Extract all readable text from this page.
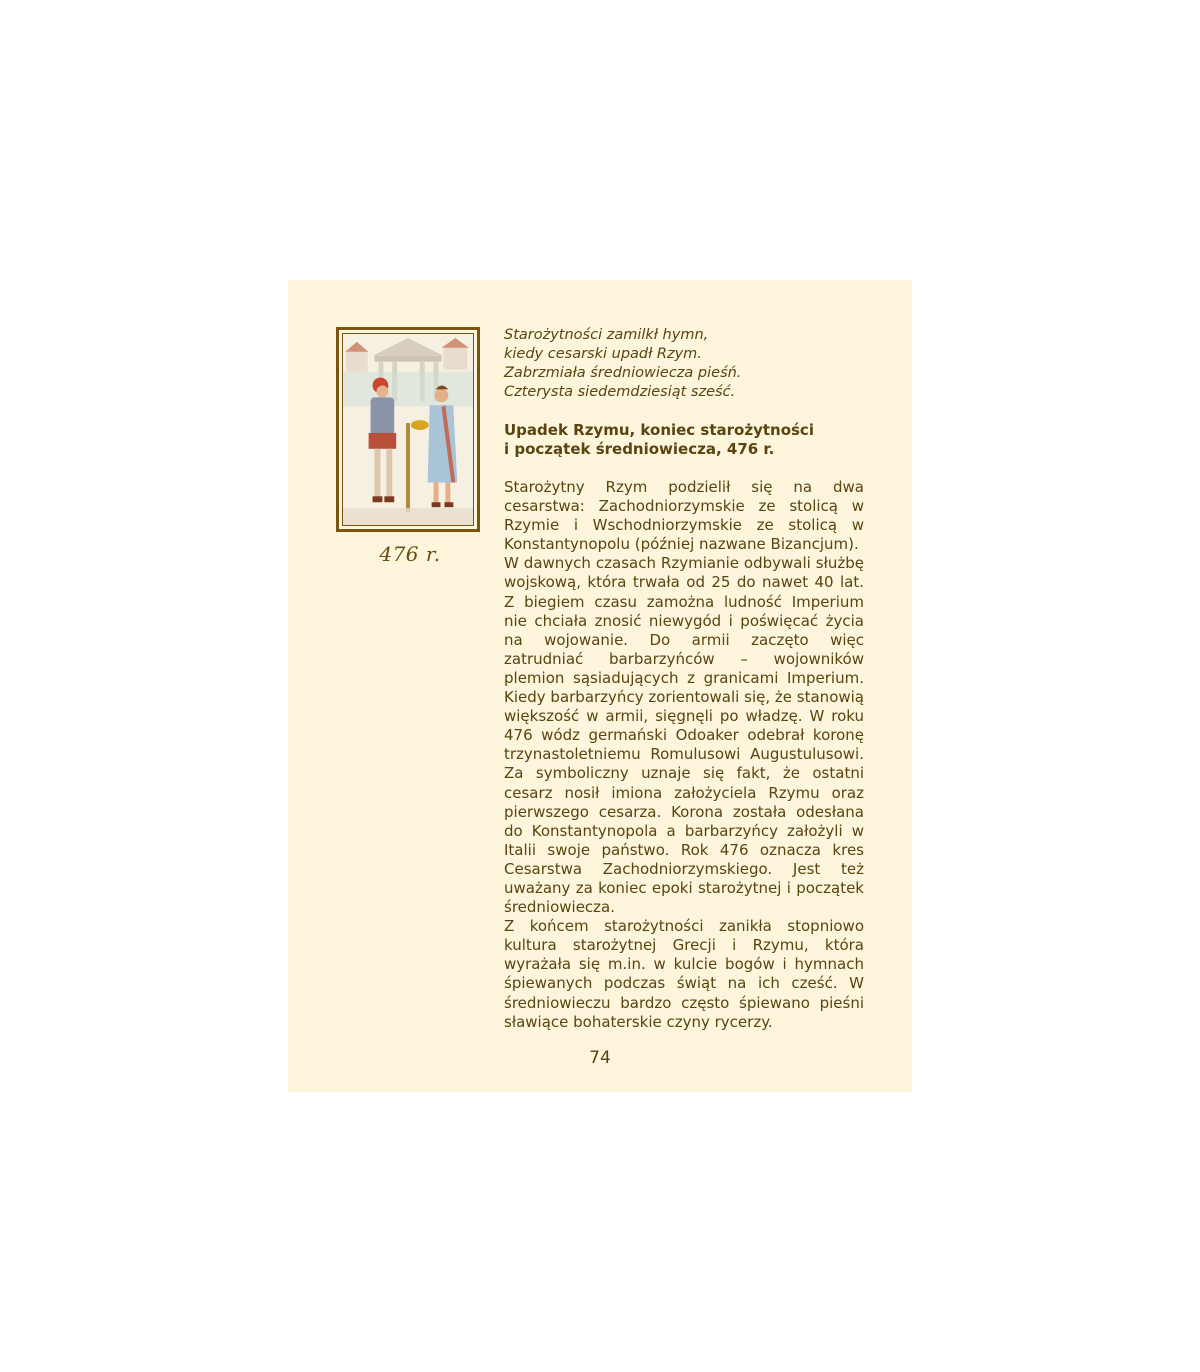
476 r.
Starożytności zamilkł hymn,
kiedy cesarski upadł Rzym.
Zabrzmiała średniowiecza pieśń.
Czterysta siedemdziesiąt sześć.
Upadek Rzymu, koniec starożytności
i początek średniowiecza, 476 r.

Starożytny Rzym podzielił się na dwa cesarstwa: Zachodniorzymskie ze stolicą w Rzymie i Wschodniorzymskie ze stolicą w Konstantynopolu (później nazwane Bizancjum).

W dawnych czasach Rzymianie odbywali służbę wojskową, która trwała od 25 do nawet 40 lat. Z biegiem czasu zamożna ludność Imperium nie chciała znosić niewygód i poświęcać życia na wojowanie. Do armii zaczęto więc zatrudniać barbarzyńców – wojowników plemion sąsiadujących z granicami Imperium. Kiedy barbarzyńcy zorientowali się, że stanowią większość w armii, sięgnęli po władzę. W roku 476 wódz germański Odoaker odebrał koronę trzynastoletniemu Romulusowi Augustulusowi. Za symboliczny uznaje się fakt, że ostatni cesarz nosił imiona założyciela Rzymu oraz pierwszego cesarza. Korona została odesłana do Konstantynopola a barbarzyńcy założyli w Italii swoje państwo. Rok 476 oznacza kres Cesarstwa Zachodniorzymskiego. Jest też uważany za koniec epoki starożytnej i początek średniowiecza.

Z końcem starożytności zanikła stopniowo kultura starożytnej Grecji i Rzymu, która wyrażała się m.in. w kulcie bogów i hymnach śpiewanych podczas świąt na ich cześć. W średniowieczu bardzo często śpiewano pieśni sławiące bohaterskie czyny rycerzy.

74
